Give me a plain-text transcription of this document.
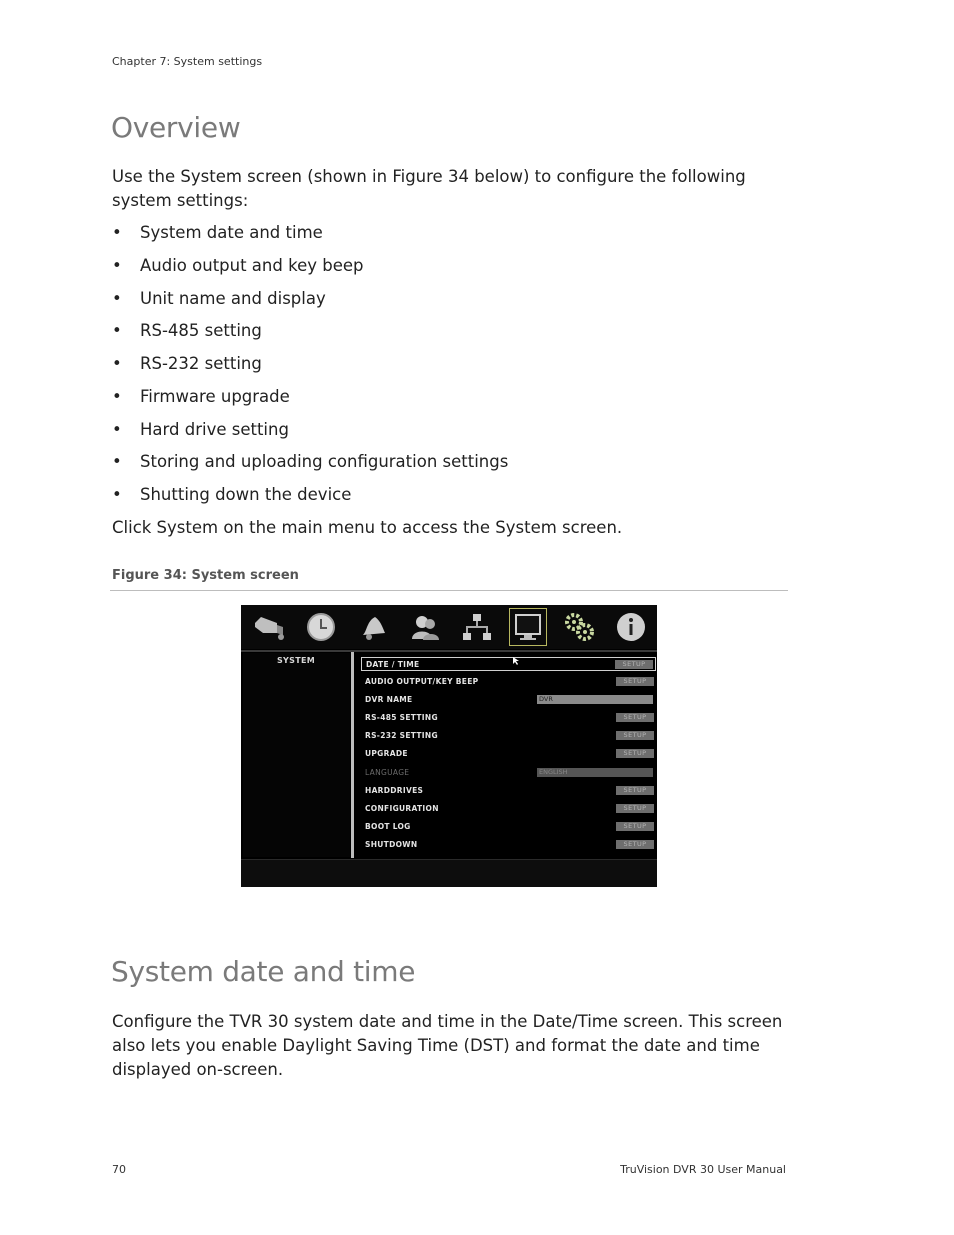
Chapter 7: System settings
Overview

Use the System screen (shown in Figure 34 below) to configure the following system settings:

• System date and time
• Audio output and key beep
• Unit name and display
• RS-485 setting
• RS-232 setting
• Firmware upgrade
• Hard drive setting
• Storing and uploading configuration settings
• Shutting down the device

Click System on the main menu to access the System screen.

Figure 34: System screen
SYSTEM	DATE / TIME	SETUP
AUDIO OUTPUT/KEY BEEP	SETUP
DVR NAME	DVR
RS-485 SETTING	SETUP
RS-232 SETTING	SETUP
UPGRADE	SETUP
LANGUAGE	ENGLISH
HARDDRIVES	SETUP
CONFIGURATION	SETUP
BOOT LOG	SETUP
SHUTDOWN	SETUP
System date and time

Configure the TVR 30 system date and time in the Date/Time screen. This screen also lets you enable Daylight Saving Time (DST) and format the date and time displayed on-screen.

70	TruVision DVR 30 User Manual
